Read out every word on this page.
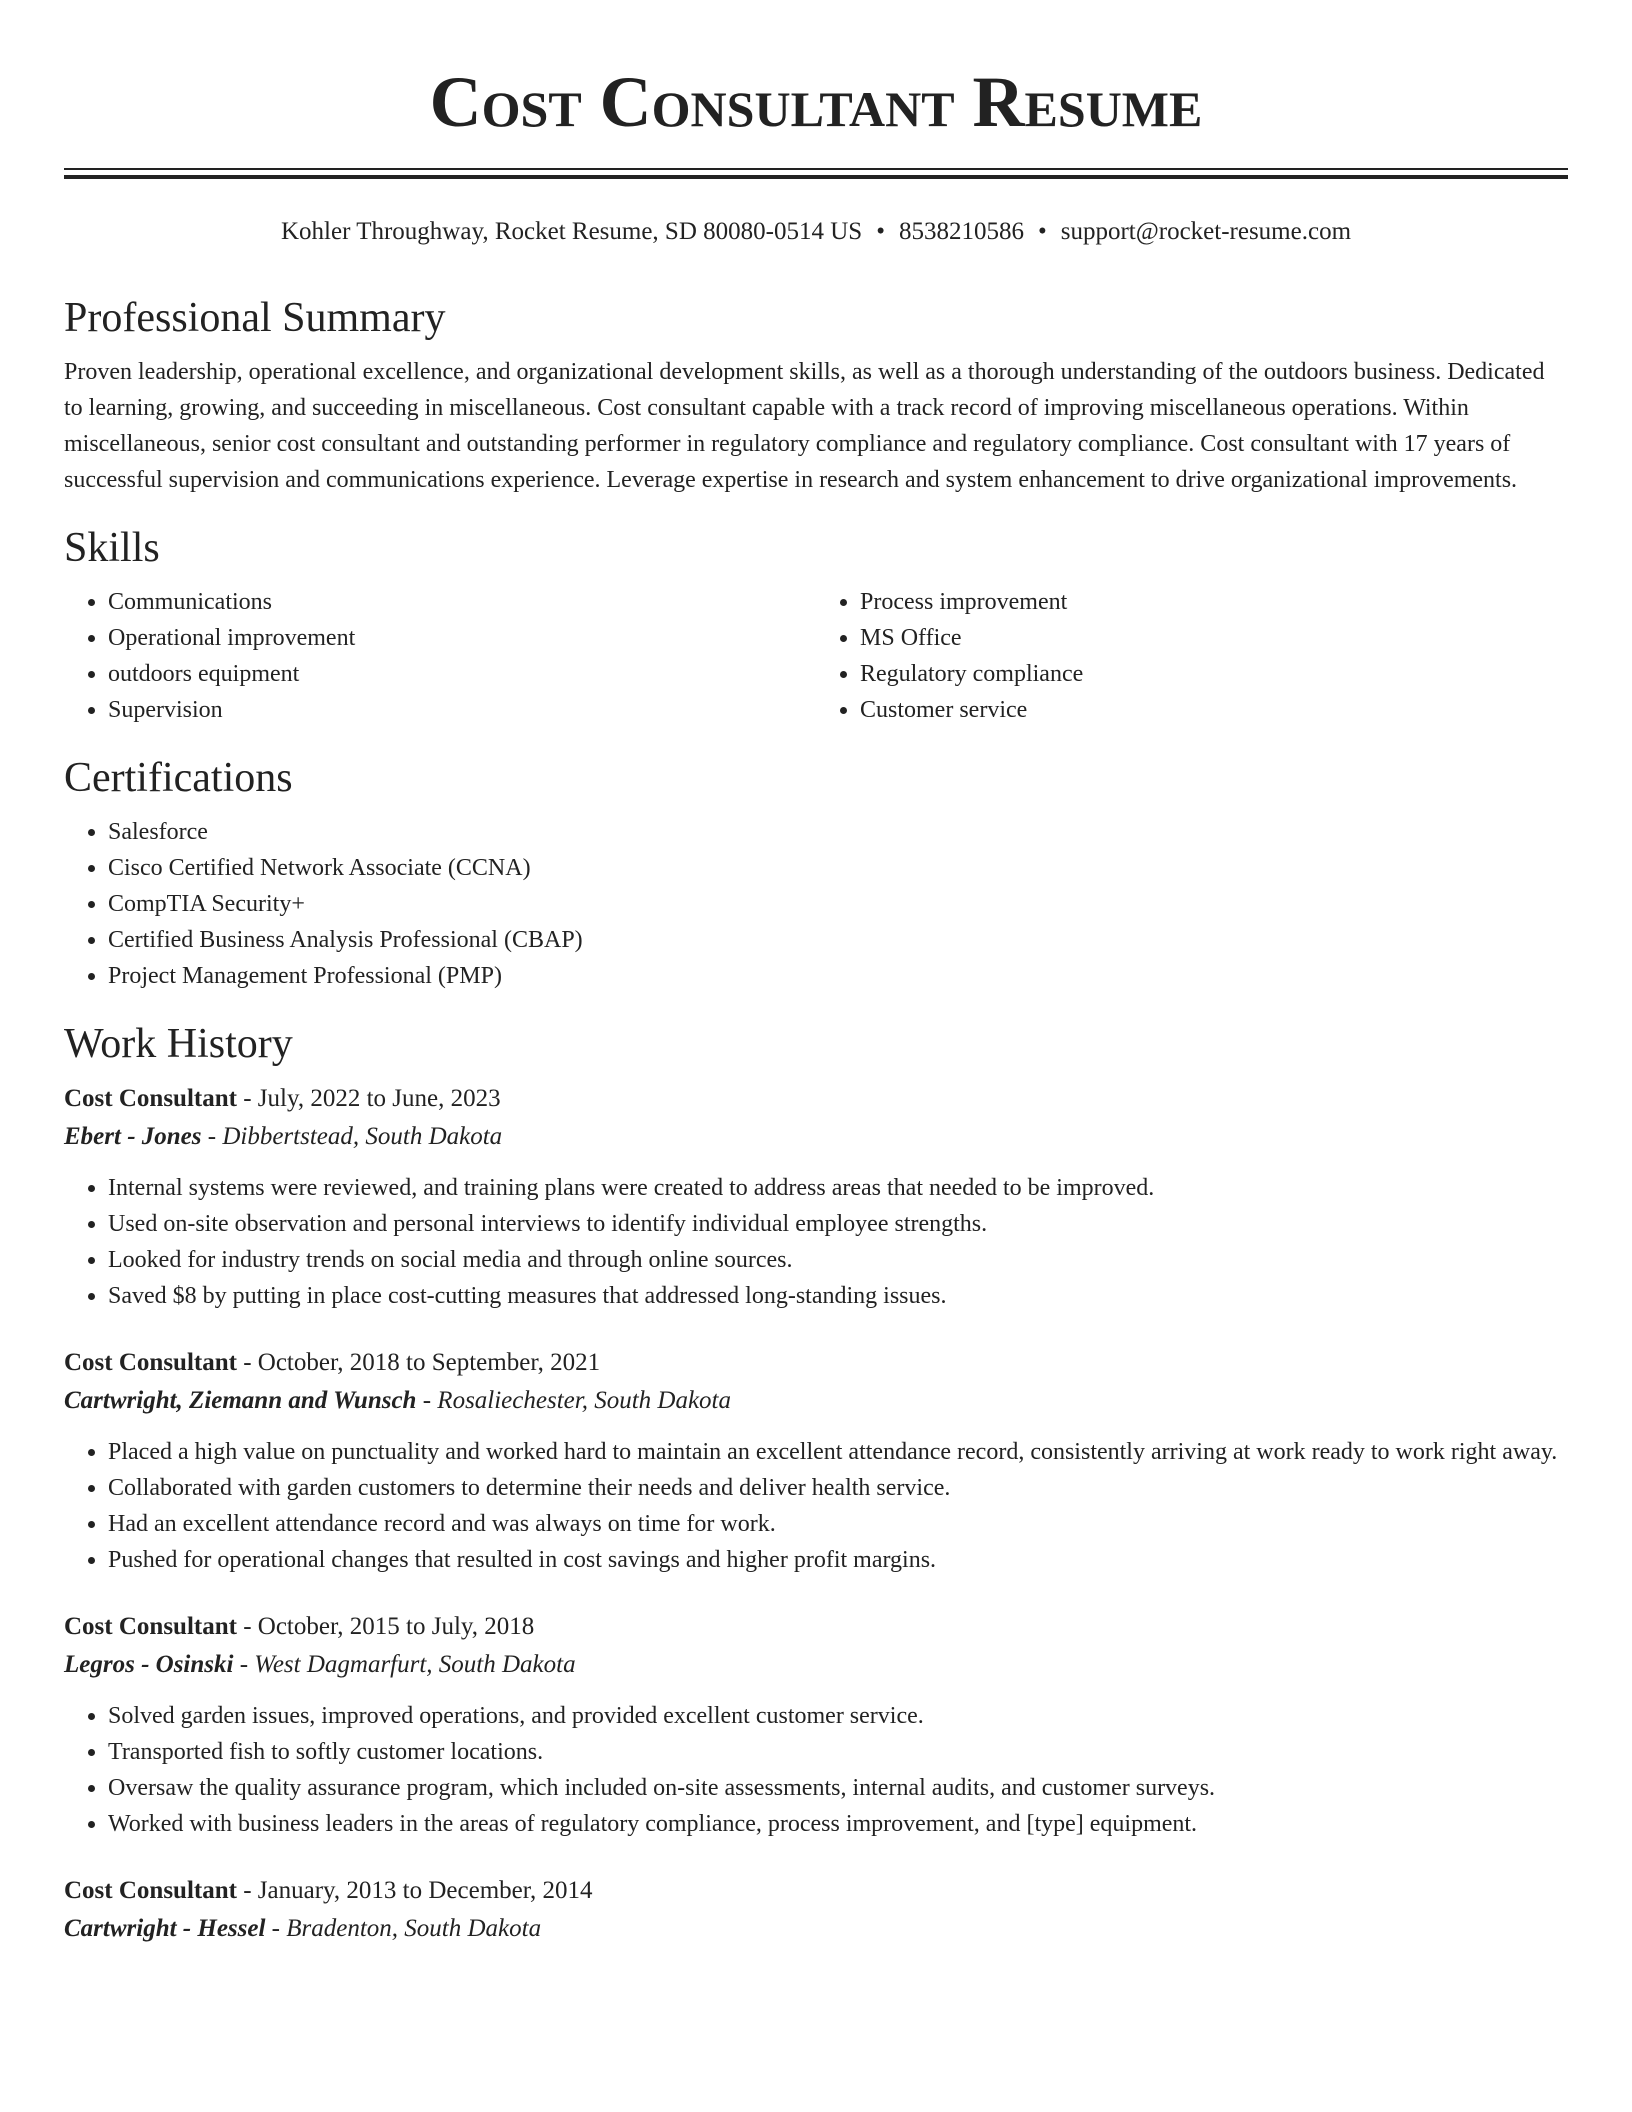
Cost Consultant Resume
Kohler Throughway, Rocket Resume, SD 80080-0514 US • 8538210586 • support@rocket-resume.com
Professional Summary

Proven leadership, operational excellence, and organizational development skills, as well as a thorough understanding of the outdoors business. Dedicated to learning, growing, and succeeding in miscellaneous. Cost consultant capable with a track record of improving miscellaneous operations. Within miscellaneous, senior cost consultant and outstanding performer in regulatory compliance and regulatory compliance. Cost consultant with 17 years of successful supervision and communications experience. Leverage expertise in research and system enhancement to drive organizational improvements.

Skills
• Communications
• Operational improvement
• outdoors equipment
• Supervision
• Process improvement
• MS Office
• Regulatory compliance
• Customer service
Certifications
• Salesforce
• Cisco Certified Network Associate (CCNA)
• CompTIA Security+
• Certified Business Analysis Professional (CBAP)
• Project Management Professional (PMP)
Work History
Cost Consultant - July, 2022 to June, 2023
Ebert - Jones - Dibbertstead, South Dakota
• Internal systems were reviewed, and training plans were created to address areas that needed to be improved.
• Used on-site observation and personal interviews to identify individual employee strengths.
• Looked for industry trends on social media and through online sources.
• Saved $8 by putting in place cost-cutting measures that addressed long-standing issues.
Cost Consultant - October, 2018 to September, 2021
Cartwright, Ziemann and Wunsch - Rosaliechester, South Dakota
• Placed a high value on punctuality and worked hard to maintain an excellent attendance record, consistently arriving at work ready to work right away.
• Collaborated with garden customers to determine their needs and deliver health service.
• Had an excellent attendance record and was always on time for work.
• Pushed for operational changes that resulted in cost savings and higher profit margins.
Cost Consultant - October, 2015 to July, 2018
Legros - Osinski - West Dagmarfurt, South Dakota
• Solved garden issues, improved operations, and provided excellent customer service.
• Transported fish to softly customer locations.
• Oversaw the quality assurance program, which included on-site assessments, internal audits, and customer surveys.
• Worked with business leaders in the areas of regulatory compliance, process improvement, and [type] equipment.
Cost Consultant - January, 2013 to December, 2014
Cartwright - Hessel - Bradenton, South Dakota
